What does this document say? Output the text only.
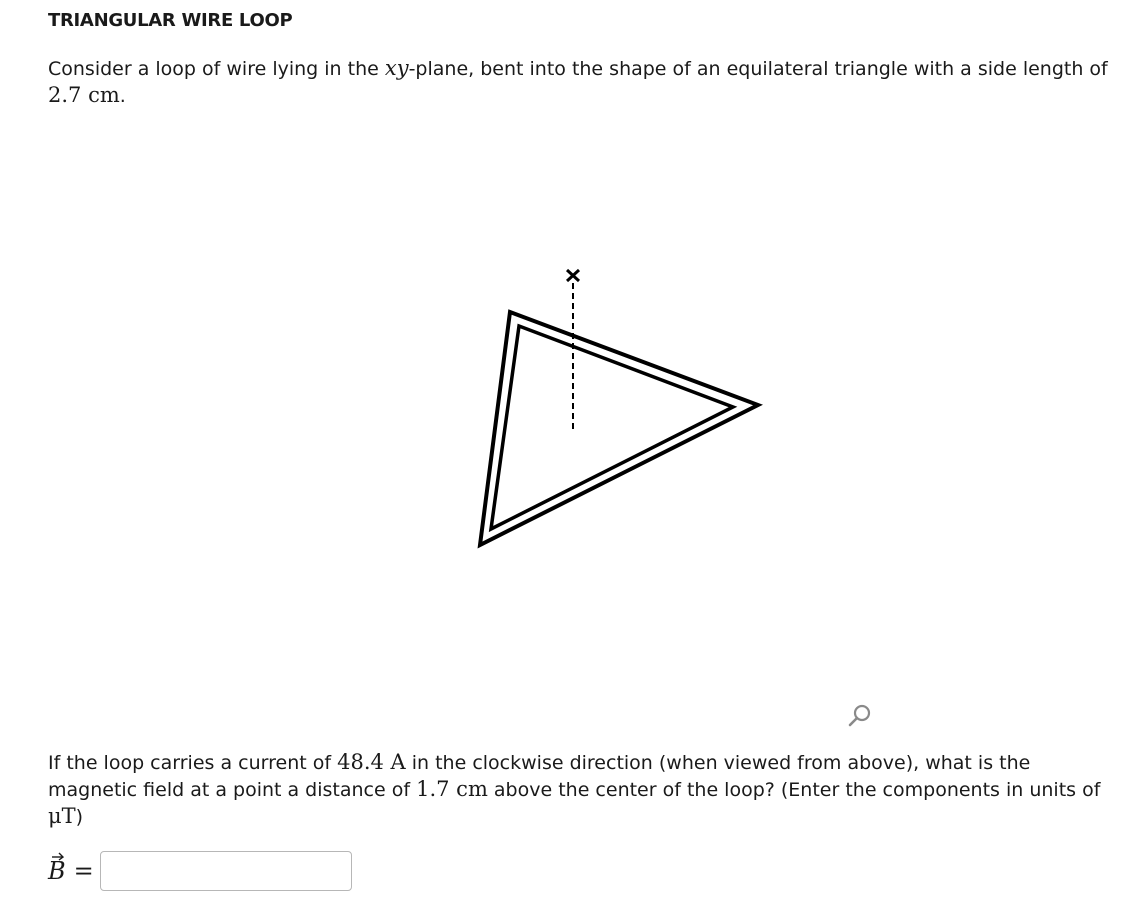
TRIANGULAR WIRE LOOP

Consider a loop of wire lying in the xy-plane, bent into the shape of an equilateral triangle with a side length of 2.7 cm.

If the loop carries a current of 48.4 A in the clockwise direction (when viewed from above), what is the magnetic field at a point a distance of 1.7 cm above the center of the loop? (Enter the components in units of μT)

B =
